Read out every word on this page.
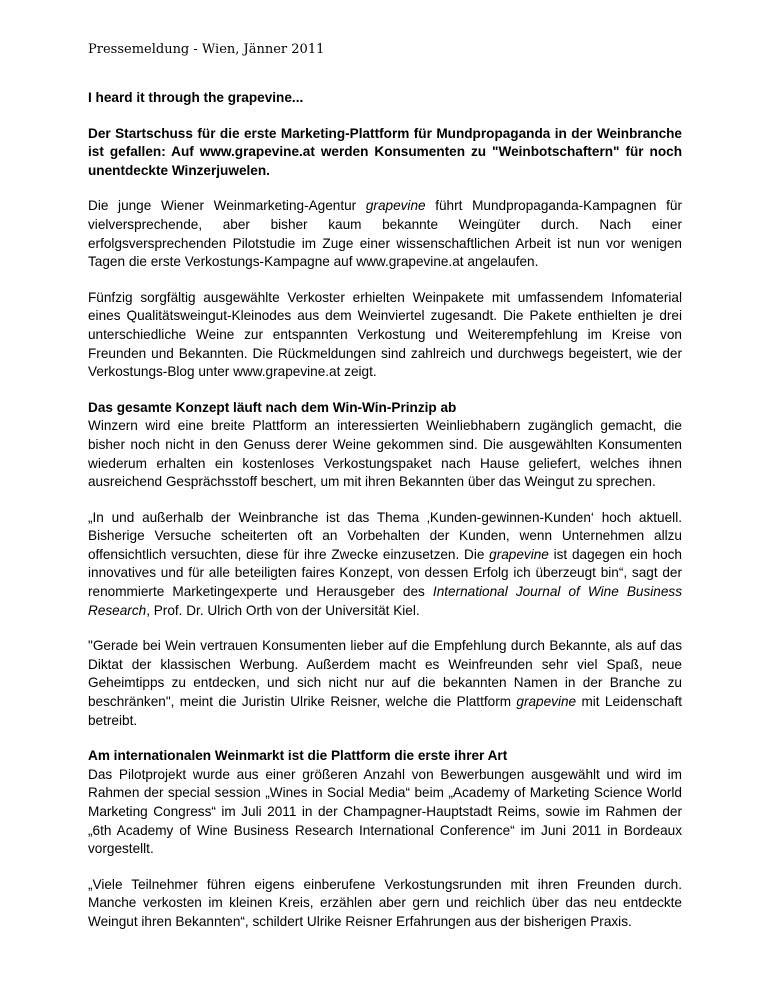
Pressemeldung - Wien, Jänner 2011
I heard it through the grapevine...
Der Startschuss für die erste Marketing-Plattform für Mundpropaganda in der Weinbranche ist gefallen: Auf www.grapevine.at werden Konsumenten zu "Weinbotschaftern" für noch unentdeckte Winzerjuwelen.

Die junge Wiener Weinmarketing-Agentur grapevine führt Mundpropaganda-Kampagnen für vielversprechende, aber bisher kaum bekannte Weingüter durch. Nach einer erfolgsversprechenden Pilotstudie im Zuge einer wissenschaftlichen Arbeit ist nun vor wenigen Tagen die erste Verkostungs-Kampagne auf www.grapevine.at angelaufen.

Fünfzig sorgfältig ausgewählte Verkoster erhielten Weinpakete mit umfassendem Infomaterial eines Qualitätsweingut-Kleinodes aus dem Weinviertel zugesandt. Die Pakete enthielten je drei unterschiedliche Weine zur entspannten Verkostung und Weiterempfehlung im Kreise von Freunden und Bekannten. Die Rückmeldungen sind zahlreich und durchwegs begeistert, wie der Verkostungs-Blog unter www.grapevine.at zeigt.

Das gesamte Konzept läuft nach dem Win-Win-Prinzip ab
Winzern wird eine breite Plattform an interessierten Weinliebhabern zugänglich gemacht, die bisher noch nicht in den Genuss derer Weine gekommen sind. Die ausgewählten Konsumenten wiederum erhalten ein kostenloses Verkostungspaket nach Hause geliefert, welches ihnen ausreichend Gesprächsstoff beschert, um mit ihren Bekannten über das Weingut zu sprechen.

„In und außerhalb der Weinbranche ist das Thema ‚Kunden-gewinnen-Kunden‘ hoch aktuell. Bisherige Versuche scheiterten oft an Vorbehalten der Kunden, wenn Unternehmen allzu offensichtlich versuchten, diese für ihre Zwecke einzusetzen. Die grapevine ist dagegen ein hoch innovatives und für alle beteiligten faires Konzept, von dessen Erfolg ich überzeugt bin“, sagt der renommierte Marketingexperte und Herausgeber des International Journal of Wine Business Research, Prof. Dr. Ulrich Orth von der Universität Kiel.

"Gerade bei Wein vertrauen Konsumenten lieber auf die Empfehlung durch Bekannte, als auf das Diktat der klassischen Werbung. Außerdem macht es Weinfreunden sehr viel Spaß, neue Geheimtipps zu entdecken, und sich nicht nur auf die bekannten Namen in der Branche zu beschränken", meint die Juristin Ulrike Reisner, welche die Plattform grapevine mit Leidenschaft betreibt.

Am internationalen Weinmarkt ist die Plattform die erste ihrer Art
Das Pilotprojekt wurde aus einer größeren Anzahl von Bewerbungen ausgewählt und wird im Rahmen der special session „Wines in Social Media“ beim „Academy of Marketing Science World Marketing Congress“ im Juli 2011 in der Champagner-Hauptstadt Reims, sowie im Rahmen der „6th Academy of Wine Business Research International Conference“ im Juni 2011 in Bordeaux vorgestellt.

„Viele Teilnehmer führen eigens einberufene Verkostungsrunden mit ihren Freunden durch. Manche verkosten im kleinen Kreis, erzählen aber gern und reichlich über das neu entdeckte Weingut ihren Bekannten“, schildert Ulrike Reisner Erfahrungen aus der bisherigen Praxis.
